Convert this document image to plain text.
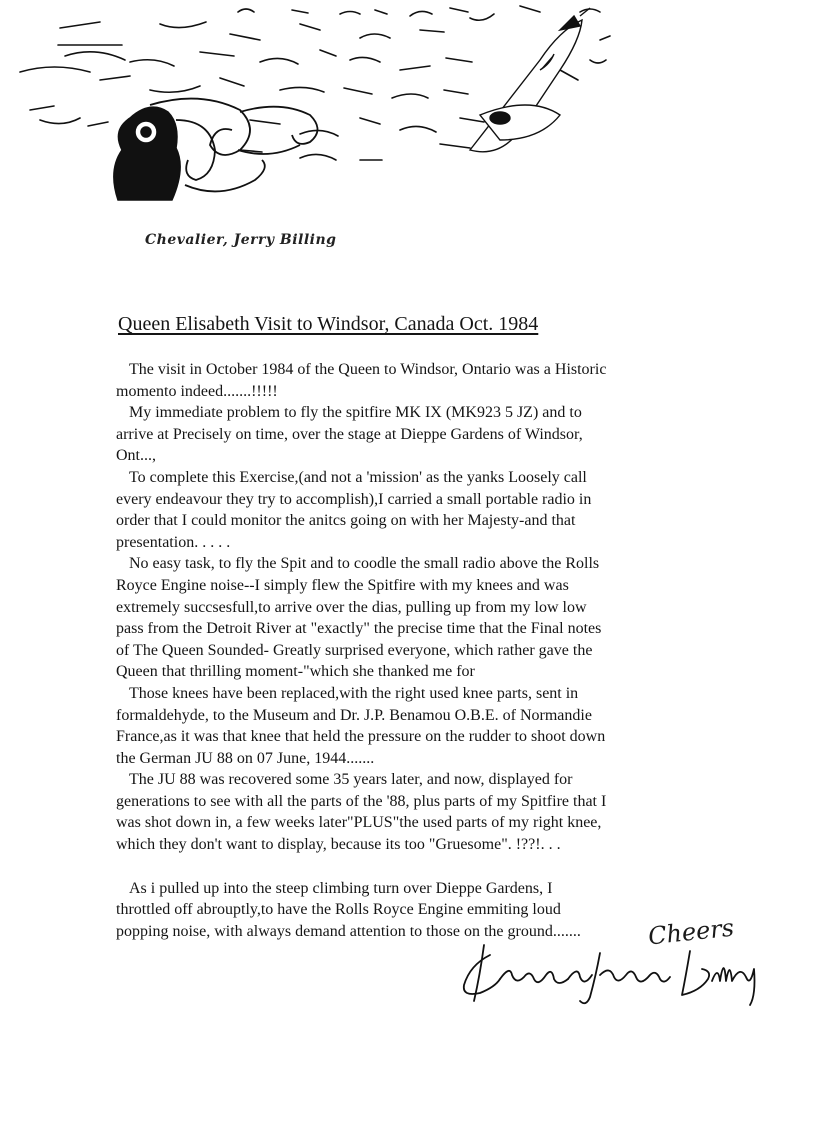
Chevalier, Jerry Billing
Queen Elisabeth Visit to Windsor, Canada Oct. 1984
The visit in October 1984 of the Queen to Windsor, Ontario was a Historic
momento indeed.......!!!!!
My immediate problem to fly the spitfire MK IX (MK923 5 JZ) and to
arrive at Precisely on time, over the stage at Dieppe Gardens of Windsor,
Ont...,
To complete this Exercise,(and not a 'mission' as the yanks Loosely call
every endeavour they try to accomplish),I carried a small portable radio in
order that I could monitor the anitcs going on with her Majesty-and that
presentation. . . . .
No easy task, to fly the Spit and to coodle the small radio above the Rolls
Royce Engine noise--I simply flew the Spitfire with my knees and was
extremely succsesfull,to arrive over the dias, pulling up from my low low
pass from the Detroit River at "exactly" the precise time that the Final notes
of The Queen Sounded- Greatly surprised everyone, which rather gave the
Queen that thrilling moment-"which she thanked me for
Those knees have been replaced,with the right used knee parts, sent in
formaldehyde, to the Museum and Dr. J.P. Benamou O.B.E. of Normandie
France,as it was that knee that held the pressure on the rudder to shoot down
the German JU 88 on 07 June, 1944.......
The JU 88 was recovered some 35 years later, and now, displayed for
generations to see with all the parts of the '88, plus parts of my Spitfire that I
was shot down in, a few weeks later"PLUS"the used parts of my right knee,
which they don't want to display, because its too "Gruesome". !??!. . .
As i pulled up into the steep climbing turn over Dieppe Gardens, I
throttled off abrouptly,to have the Rolls Royce Engine emmiting loud
popping noise, with always demand attention to those on the ground.......	Cheers
